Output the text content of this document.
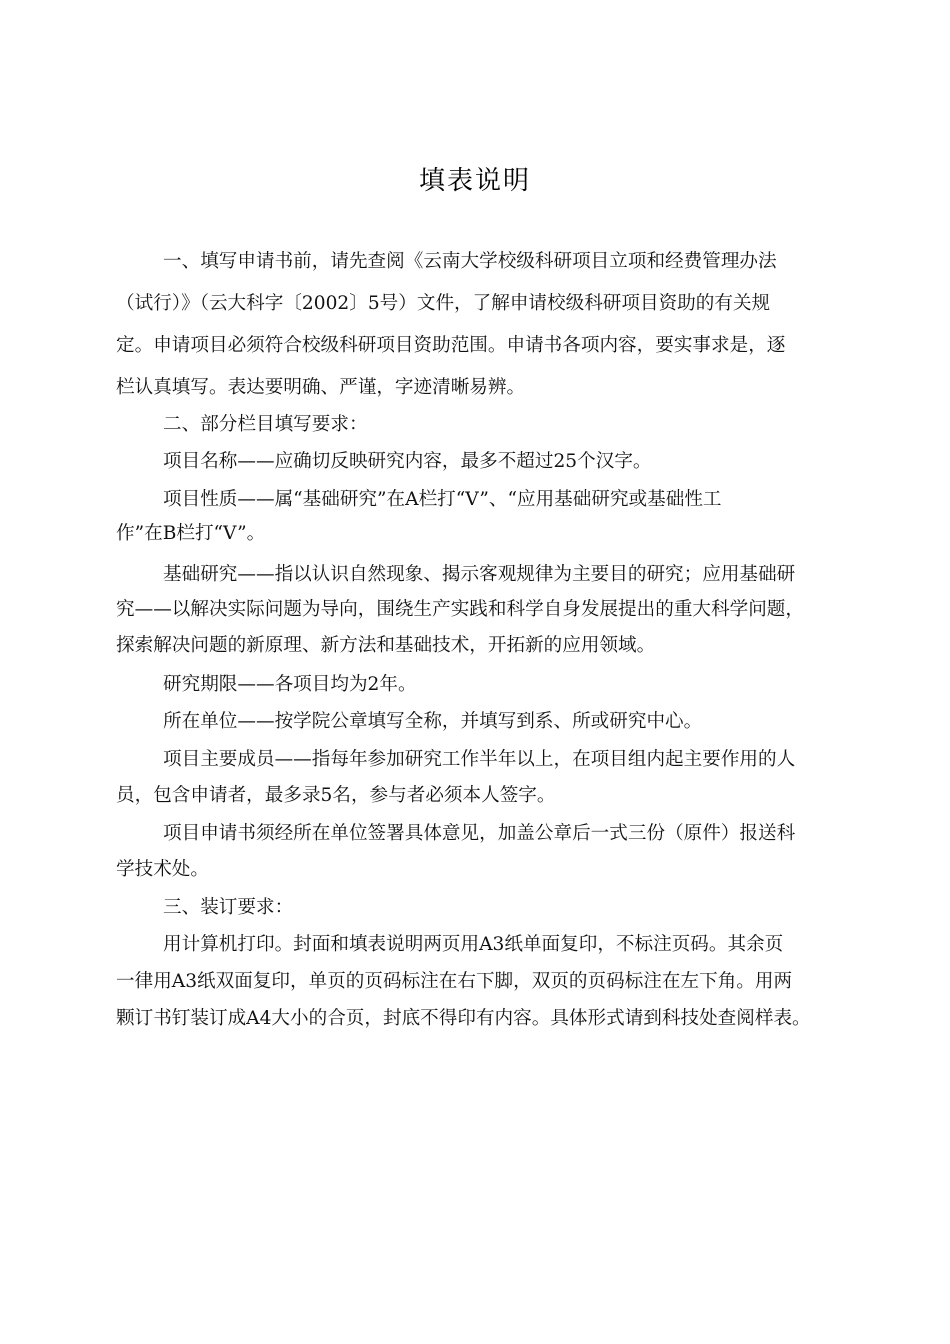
填表说明
一、填写申请书前，请先查阅《云南大学校级科研项目立项和经费管理办法
（试行）》（云大科字〔2002〕5号）文件，了解申请校级科研项目资助的有关规
定。申请项目必须符合校级科研项目资助范围。申请书各项内容，要实事求是，逐
栏认真填写。表达要明确、严谨，字迹清晰易辨。
二、部分栏目填写要求：
项目名称——应确切反映研究内容，最多不超过25个汉字。
项目性质——属“基础研究”在A栏打“V”、“应用基础研究或基础性工
作”在B栏打“V”。
基础研究——指以认识自然现象、揭示客观规律为主要目的研究；应用基础研
究——以解决实际问题为导向，围绕生产实践和科学自身发展提出的重大科学问题，
探索解决问题的新原理、新方法和基础技术，开拓新的应用领域。
研究期限——各项目均为2年。
所在单位——按学院公章填写全称，并填写到系、所或研究中心。
项目主要成员——指每年参加研究工作半年以上，在项目组内起主要作用的人
员，包含申请者，最多录5名，参与者必须本人签字。
项目申请书须经所在单位签署具体意见，加盖公章后一式三份（原件）报送科
学技术处。
三、装订要求：
用计算机打印。封面和填表说明两页用A3纸单面复印，不标注页码。其余页
一律用A3纸双面复印，单页的页码标注在右下脚，双页的页码标注在左下角。用两
颗订书钉装订成A4大小的合页，封底不得印有内容。具体形式请到科技处查阅样表。
